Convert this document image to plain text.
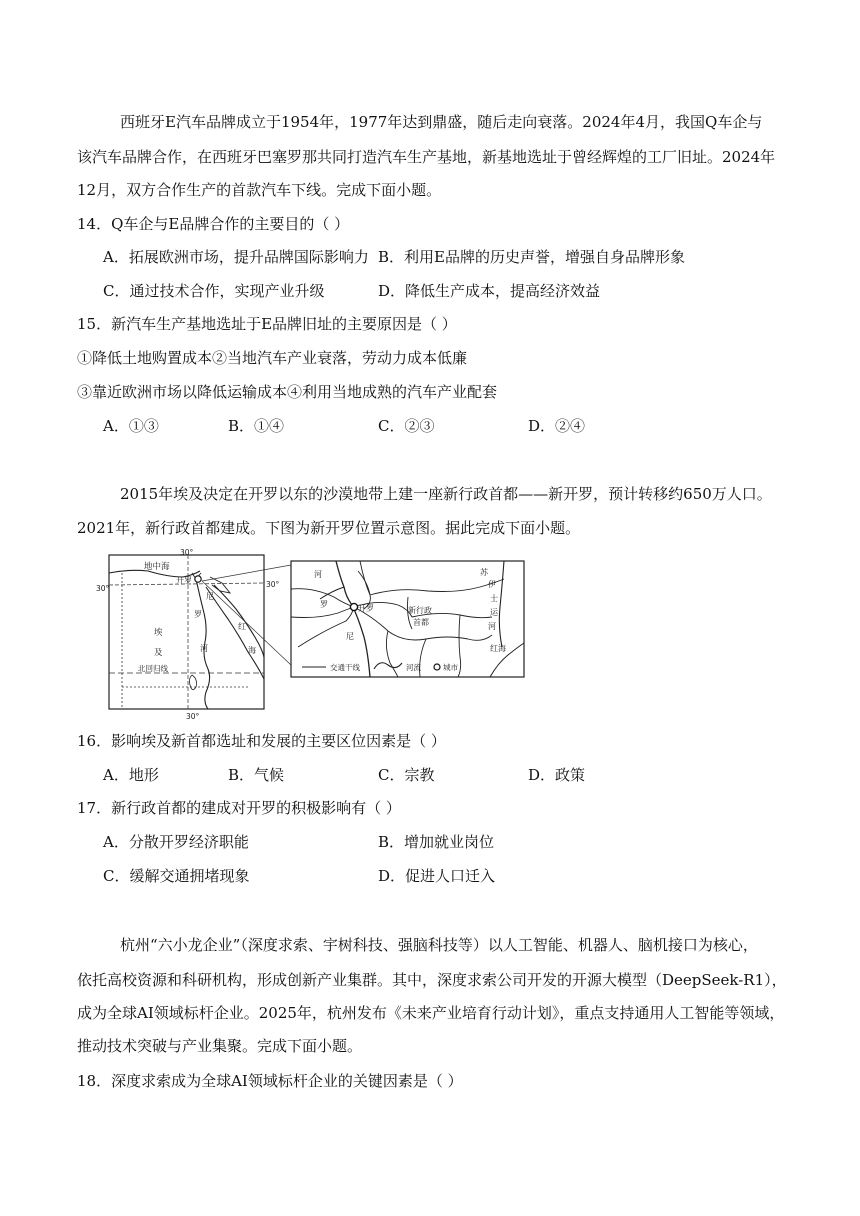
西班牙E汽车品牌成立于1954年，1977年达到鼎盛，随后走向衰落。2024年4月，我国Q车企与
该汽车品牌合作，在西班牙巴塞罗那共同打造汽车生产基地，新基地选址于曾经辉煌的工厂旧址。2024年
12月，双方合作生产的首款汽车下线。完成下面小题。
14．Q车企与E品牌合作的主要目的（ ）
A．拓展欧洲市场，提升品牌国际影响力 B．利用E品牌的历史声誉，增强自身品牌形象
C．通过技术合作，实现产业升级	D．降低生产成本，提高经济效益
15．新汽车生产基地选址于E品牌旧址的主要原因是（ ）
①降低土地购置成本②当地汽车产业衰落，劳动力成本低廉
③靠近欧洲市场以降低运输成本④利用当地成熟的汽车产业配套
A．①③	B．①④	C．②③	D．②④
2015年埃及决定在开罗以东的沙漠地带上建一座新行政首都——新开罗，预计转移约650万人口。
2021年，新行政首都建成。下图为新开罗位置示意图。据此完成下面小题。
地中海
30°
30°	30°
30°
开罗
尼
罗
河
红
海
埃
及
北回归线
河
罗
尼
开罗	新行政
首都
苏
伊
士
运
河
红海
交通干线	河流	城市
16．影响埃及新首都选址和发展的主要区位因素是（ ）
A．地形	B．气候	C．宗教	D．政策
17．新行政首都的建成对开罗的积极影响有（ ）
A．分散开罗经济职能	B．增加就业岗位
C．缓解交通拥堵现象	D．促进人口迁入
杭州“六小龙企业”（深度求索、宇树科技、强脑科技等）以人工智能、机器人、脑机接口为核心，
依托高校资源和科研机构，形成创新产业集群。其中，深度求索公司开发的开源大模型（DeepSeek-R1），
成为全球AI领域标杆企业。2025年，杭州发布《未来产业培育行动计划》，重点支持通用人工智能等领域，
推动技术突破与产业集聚。完成下面小题。
18．深度求索成为全球AI领域标杆企业的关键因素是（ ）
